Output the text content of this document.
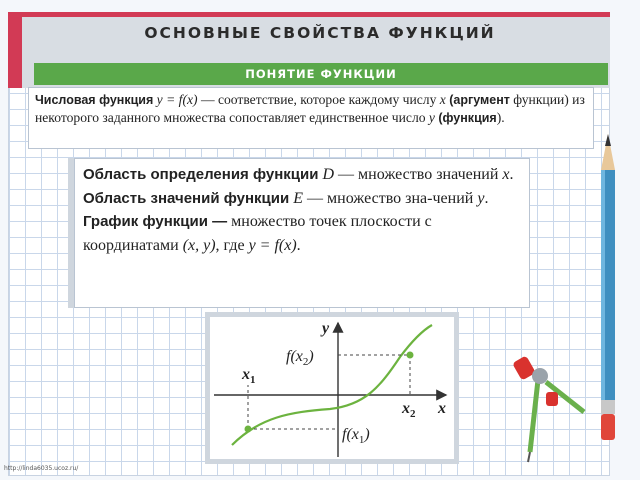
ОСНОВНЫЕ СВОЙСТВА ФУНКЦИЙ
ПОНЯТИЕ ФУНКЦИИ
Числовая функция y = f(x) — соответствие, которое каждому числу x (аргумент функции) из некоторого заданного множества сопоставляет единственное число y (функция).
Область определения функции D — множество значений x.
Область значений функции E — множество зна-чений y.
График функции — множество точек плоскости с координатами (x, y), где y = f(x).
y
x
$x_1$
$x_2$
$f(x_2)$
$f(x_1)$
http://linda6035.ucoz.ru/
